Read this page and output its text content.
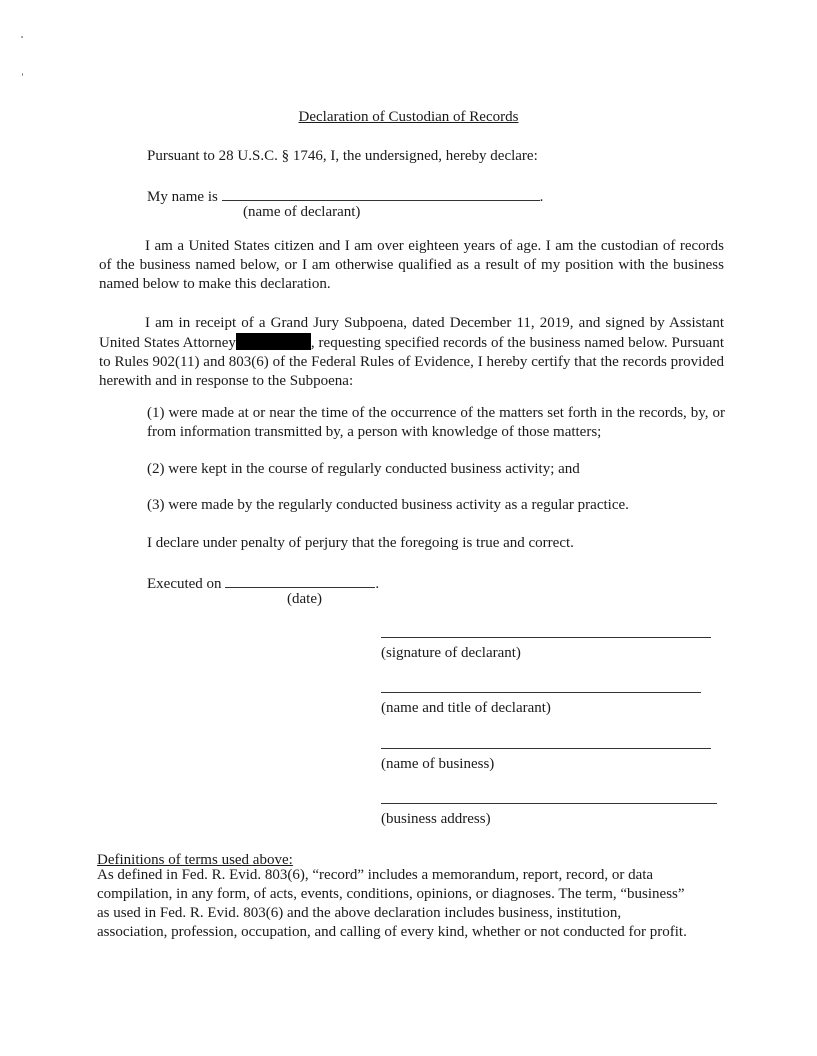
Declaration of Custodian of Records
Pursuant to 28 U.S.C. § 1746, I, the undersigned, hereby declare:
My name is	.
(name of declarant)
I am a United States citizen and I am over eighteen years of age. I am the custodian of records of the business named below, or I am otherwise qualified as a result of my position with the business named below to make this declaration.
I am in receipt of a Grand Jury Subpoena, dated December 11, 2019, and signed by Assistant United States Attorney	, requesting specified records of the business named below. Pursuant to Rules 902(11) and 803(6) of the Federal Rules of Evidence, I hereby certify that the records provided herewith and in response to the Subpoena:
(1) were made at or near the time of the occurrence of the matters set forth in the records, by, or from information transmitted by, a person with knowledge of those matters;
(2) were kept in the course of regularly conducted business activity; and
(3) were made by the regularly conducted business activity as a regular practice.
I declare under penalty of perjury that the foregoing is true and correct.
Executed on	.
(date)
(signature of declarant)
(name and title of declarant)
(name of business)
(business address)
Definitions of terms used above:
As defined in Fed. R. Evid. 803(6), “record” includes a memorandum, report, record, or data compilation, in any form, of acts, events, conditions, opinions, or diagnoses. The term, “business” as used in Fed. R. Evid. 803(6) and the above declaration includes business, institution, association, profession, occupation, and calling of every kind, whether or not conducted for profit.
